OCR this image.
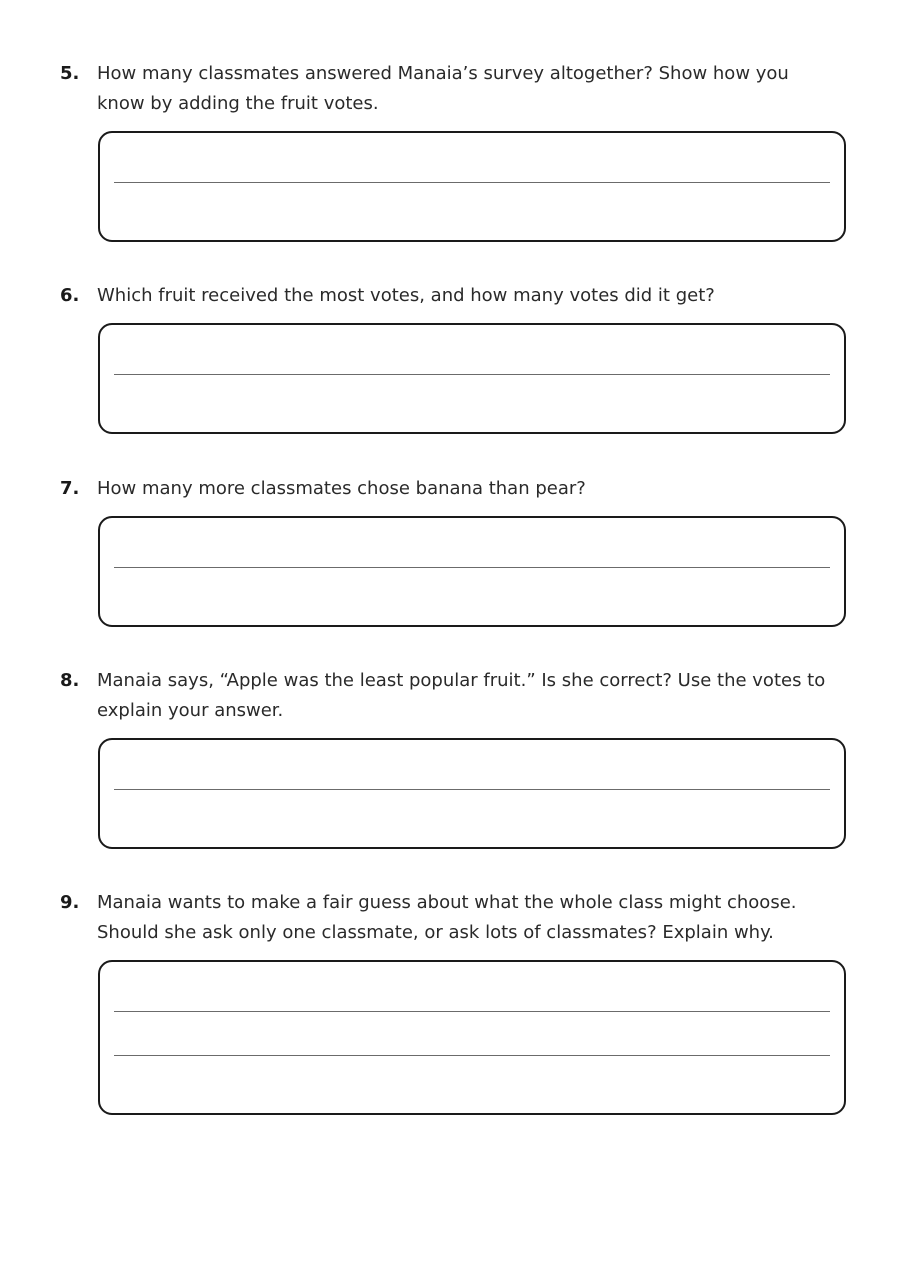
5. How many classmates answered Manaia’s survey altogether? Show how you know by adding the fruit votes.
6. Which fruit received the most votes, and how many votes did it get?
7. How many more classmates chose banana than pear?
8. Manaia says, “Apple was the least popular fruit.” Is she correct? Use the votes to explain your answer.
9. Manaia wants to make a fair guess about what the whole class might choose. Should she ask only one classmate, or ask lots of classmates? Explain why.
